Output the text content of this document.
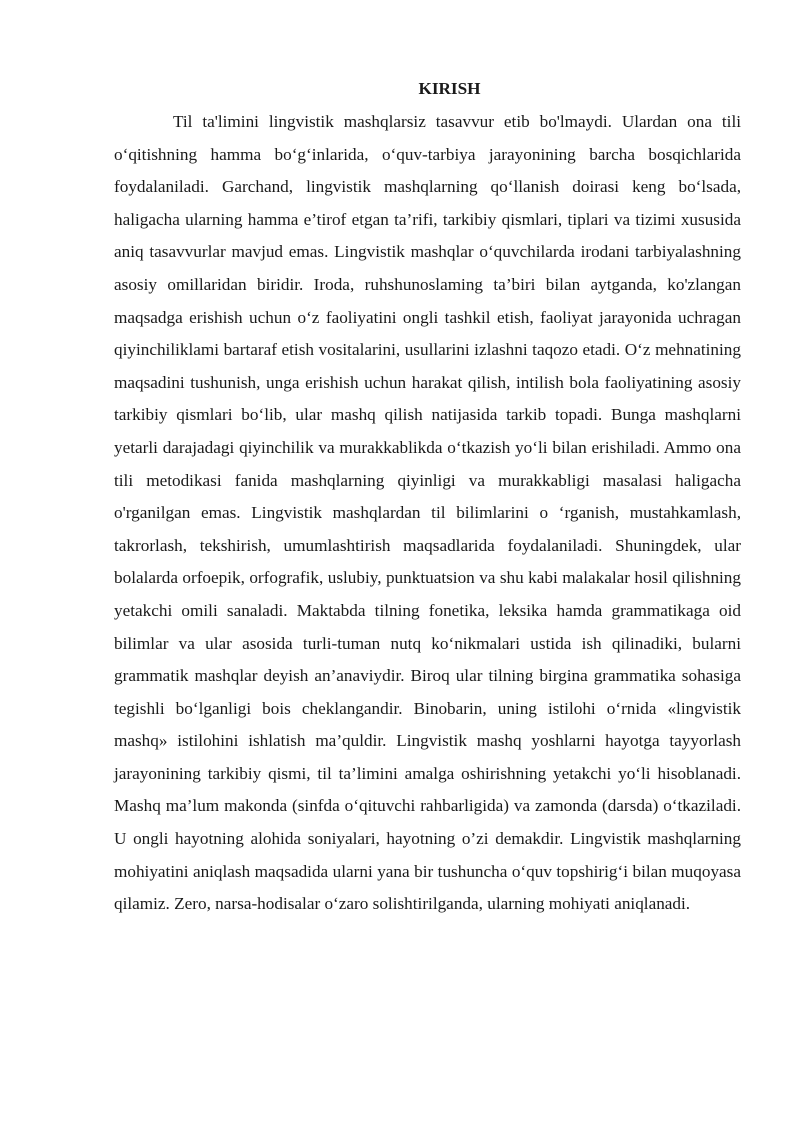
KIRISH

Til ta'limini lingvistik mashqlarsiz tasavvur etib bo'lmaydi. Ulardan ona tili o‘qitishning hamma bo‘g‘inlarida, o‘quv-tarbiya jarayonining barcha bosqichlarida foydalaniladi. Garchand, lingvistik mashqlarning qo‘llanish doirasi keng bo‘lsada, haligacha ularning hamma e’tirof etgan ta’rifi, tarkibiy qismlari, tiplari va tizimi xususida aniq tasavvurlar mavjud emas. Lingvistik mashqlar o‘quvchilarda irodani tarbiyalashning asosiy omillaridan biridir. Iroda, ruhshunoslaming ta’biri bilan aytganda, ko'zlangan maqsadga erishish uchun o‘z faoliyatini ongli tashkil etish, faoliyat jarayonida uchragan qiyinchiliklami bartaraf etish vositalarini, usullarini izlashni taqozo etadi. O‘z mehnatining maqsadini tushunish, unga erishish uchun harakat qilish, intilish bola faoliyatining asosiy tarkibiy qismlari bo‘lib, ular mashq qilish natijasida tarkib topadi. Bunga mashqlarni yetarli darajadagi qiyinchilik va murakkablikda o‘tkazish yo‘li bilan erishiladi. Ammo ona tili metodikasi fanida mashqlarning qiyinligi va murakkabligi masalasi haligacha o'rganilgan emas. Lingvistik mashqlardan til bilimlarini o ‘rganish, mustahkamlash, takrorlash, tekshirish, umumlashtirish maqsadlarida foydalaniladi. Shuningdek, ular bolalarda orfoepik, orfografik, uslubiy, punktuatsion va shu kabi malakalar hosil qilishning yetakchi omili sanaladi. Maktabda tilning fonetika, leksika hamda grammatikaga oid bilimlar va ular asosida turli-tuman nutq ko‘nikmalari ustida ish qilinadiki, bularni grammatik mashqlar deyish an’anaviydir. Biroq ular tilning birgina grammatika sohasiga tegishli bo‘lganligi bois cheklangandir. Binobarin, uning istilohi o‘rnida «lingvistik mashq» istilohini ishlatish ma’quldir. Lingvistik mashq yoshlarni hayotga tayyorlash jarayonining tarkibiy qismi, til ta’limini amalga oshirishning yetakchi yo‘li hisoblanadi. Mashq ma’lum makonda (sinfda o‘qituvchi rahbarligida) va zamonda (darsda) o‘tkaziladi. U ongli hayotning alohida soniyalari, hayotning o’zi demakdir. Lingvistik mashqlarning mohiyatini aniqlash maqsadida ularni yana bir tushuncha o‘quv topshirig‘i bilan muqoyasa qilamiz. Zero, narsa-hodisalar o‘zaro solishtirilganda, ularning mohiyati aniqlanadi.
